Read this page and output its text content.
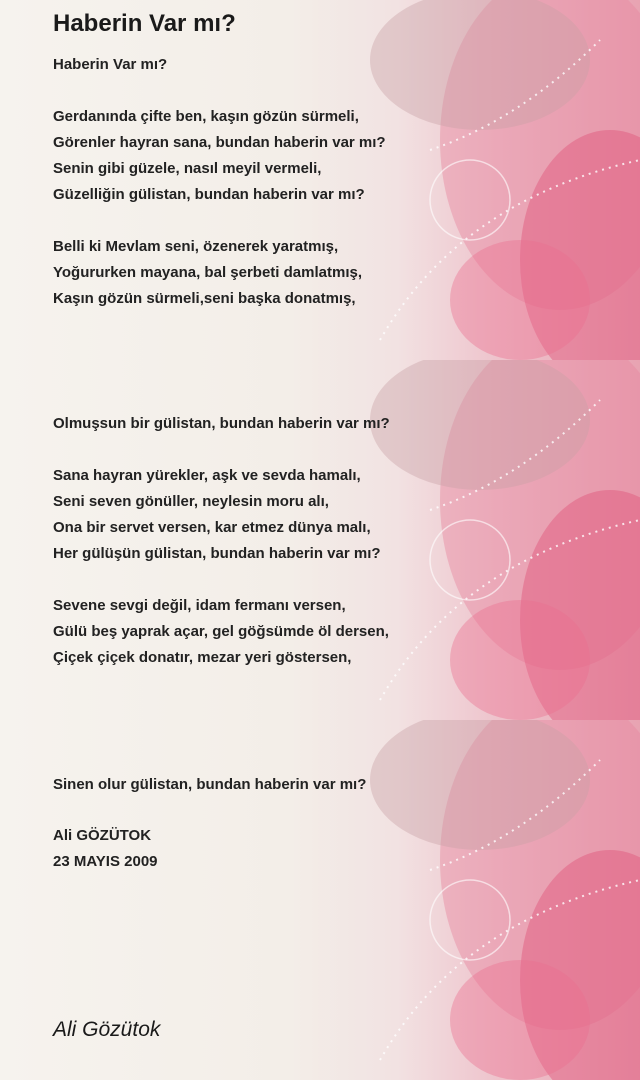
Haberin Var mı?
Haberin Var mı?
Gerdanında çifte ben, kaşın gözün sürmeli,
Görenler hayran sana, bundan haberin var mı?
Senin gibi güzele, nasıl meyil vermeli,
Güzelliğin gülistan, bundan haberin var mı?
Belli ki Mevlam seni, özenerek yaratmış,
Yoğururken mayana, bal şerbeti damlatmış,
Kaşın gözün sürmeli,seni başka donatmış,
Olmuşsun bir gülistan, bundan haberin var mı?
Sana hayran yürekler, aşk ve sevda hamalı,
Seni seven gönüller, neylesin moru alı,
Ona bir servet versen, kar etmez dünya malı,
Her gülüşün gülistan, bundan haberin var mı?
Sevene sevgi değil, idam fermanı versen,
Gülü beş yaprak açar, gel göğsümde öl dersen,
Çiçek çiçek donatır, mezar yeri göstersen,
Sinen olur gülistan, bundan haberin var mı?
Ali GÖZÜTOK
23 MAYIS 2009
Ali Gözütok
